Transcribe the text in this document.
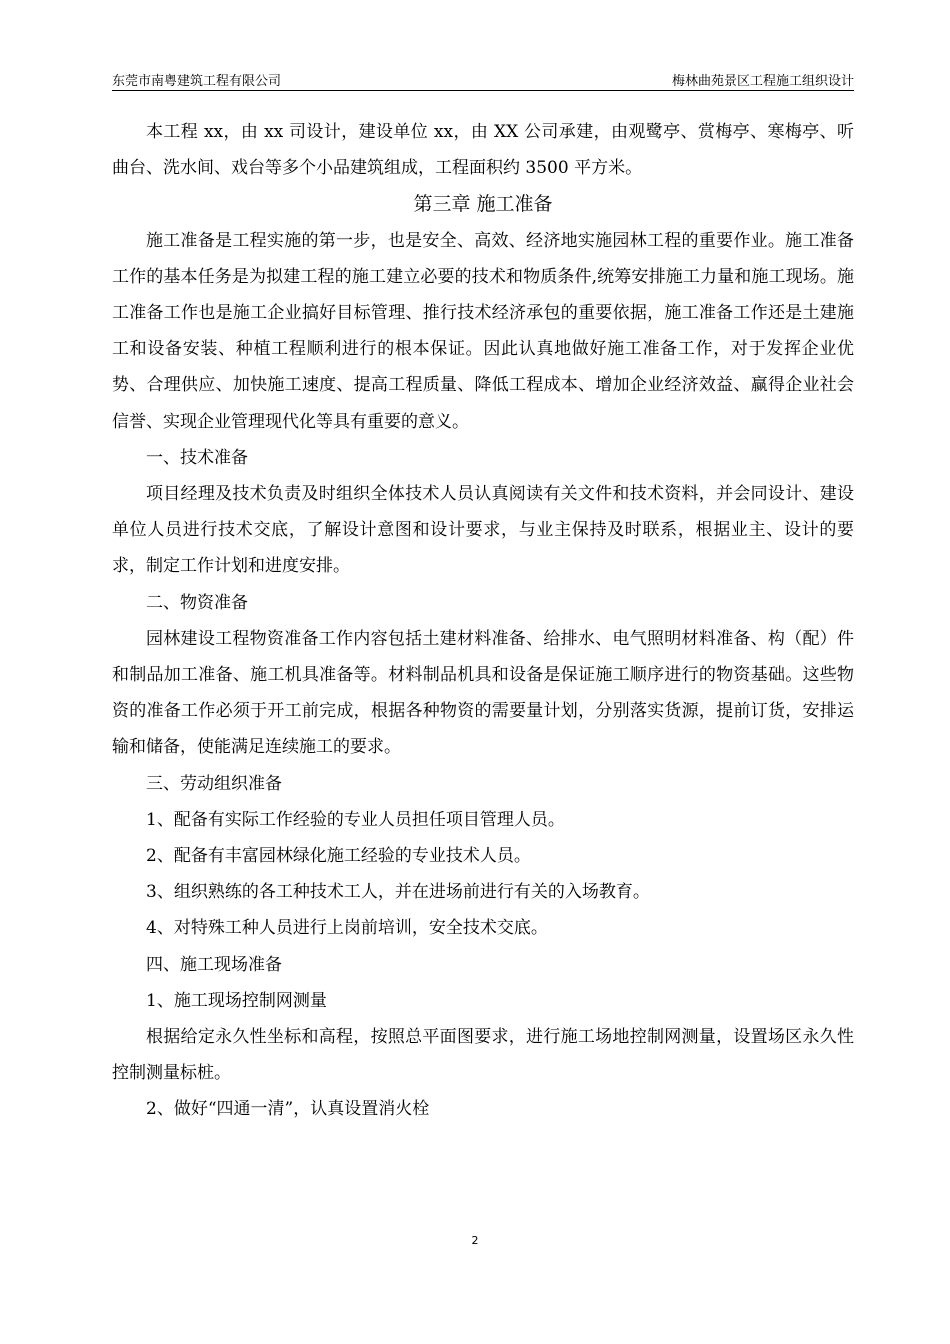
东莞市南粤建筑工程有限公司	梅林曲苑景区工程施工组织设计

本工程 xx，由 xx 司设计，建设单位 xx，由 XX 公司承建，由观鹭亭、赏梅亭、寒梅亭、听曲台、洗水间、戏台等多个小品建筑组成，工程面积约 3500 平方米。

第三章 施工准备

施工准备是工程实施的第一步，也是安全、高效、经济地实施园林工程的重要作业。施工准备工作的基本任务是为拟建工程的施工建立必要的技术和物质条件,统筹安排施工力量和施工现场。施工准备工作也是施工企业搞好目标管理、推行技术经济承包的重要依据，施工准备工作还是土建施工和设备安装、种植工程顺利进行的根本保证。因此认真地做好施工准备工作，对于发挥企业优势、合理供应、加快施工速度、提高工程质量、降低工程成本、增加企业经济效益、赢得企业社会信誉、实现企业管理现代化等具有重要的意义。

一、技术准备

项目经理及技术负责及时组织全体技术人员认真阅读有关文件和技术资料，并会同设计、建设单位人员进行技术交底，了解设计意图和设计要求，与业主保持及时联系，根据业主、设计的要求，制定工作计划和进度安排。

二、物资准备

园林建设工程物资准备工作内容包括土建材料准备、给排水、电气照明材料准备、构（配）件和制品加工准备、施工机具准备等。材料制品机具和设备是保证施工顺序进行的物资基础。这些物资的准备工作必须于开工前完成，根据各种物资的需要量计划，分别落实货源，提前订货，安排运输和储备，使能满足连续施工的要求。

三、劳动组织准备

1、配备有实际工作经验的专业人员担任项目管理人员。

2、配备有丰富园林绿化施工经验的专业技术人员。

3、组织熟练的各工种技术工人，并在进场前进行有关的入场教育。

4、对特殊工种人员进行上岗前培训，安全技术交底。

四、施工现场准备

1、施工现场控制网测量

根据给定永久性坐标和高程，按照总平面图要求，进行施工场地控制网测量，设置场区永久性控制测量标桩。

2、做好“四通一清”，认真设置消火栓

2
